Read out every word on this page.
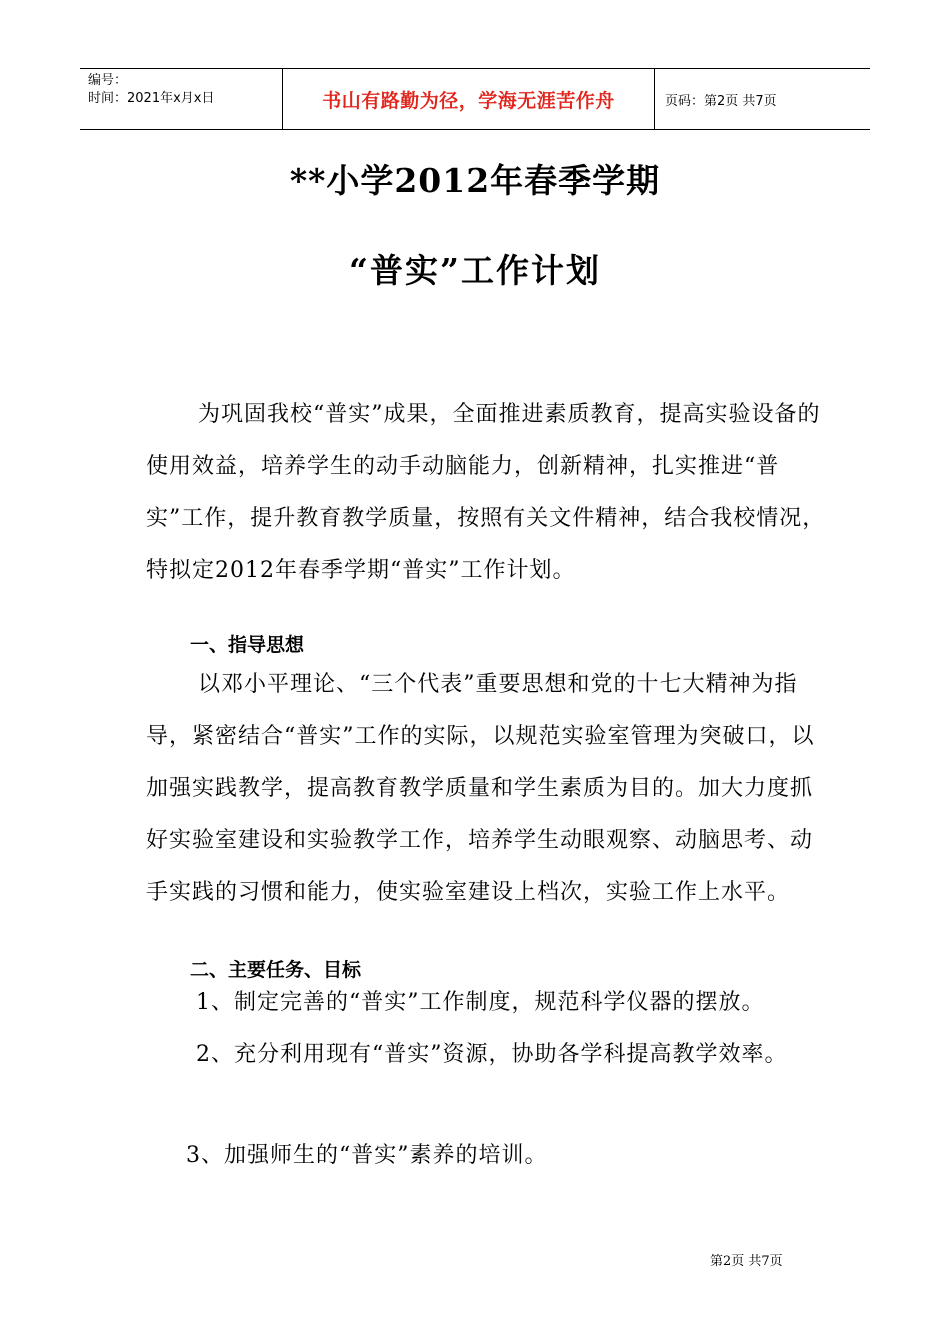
编号：
时间：2021年x月x日	书山有路勤为径，学海无涯苦作舟	页码：第2页 共7页
**小学2012年春季学期
“普实”工作计划

为巩固我校“普实”成果，全面推进素质教育，提高实验设备的使用效益，培养学生的动手动脑能力，创新精神，扎实推进“普实”工作，提升教育教学质量，按照有关文件精神，结合我校情况，特拟定2012年春季学期“普实”工作计划。

一、指导思想

以邓小平理论、“三个代表”重要思想和党的十七大精神为指导，紧密结合“普实”工作的实际，以规范实验室管理为突破口，以加强实践教学，提高教育教学质量和学生素质为目的。加大力度抓好实验室建设和实验教学工作，培养学生动眼观察、动脑思考、动手实践的习惯和能力，使实验室建设上档次，实验工作上水平。

二、主要任务、目标

1、制定完善的“普实”工作制度，规范科学仪器的摆放。

2、充分利用现有“普实”资源，协助各学科提高教学效率。

3、加强师生的“普实”素养的培训。

第2页 共7页
